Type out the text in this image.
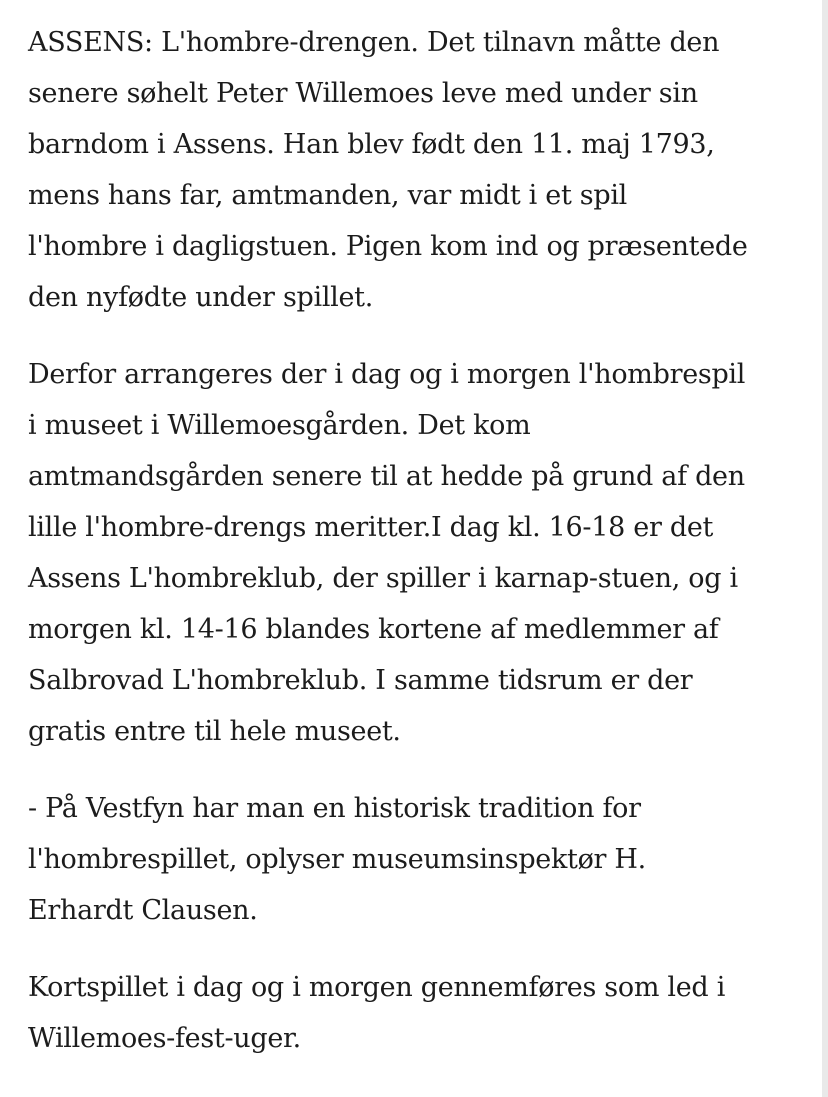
ASSENS: L'hombre-drengen. Det tilnavn måtte den
senere søhelt Peter Willemoes leve med under sin
barndom i Assens. Han blev født den 11. maj 1793,
mens hans far, amtmanden, var midt i et spil
l'hombre i dagligstuen. Pigen kom ind og præsentede
den nyfødte under spillet.

Derfor arrangeres der i dag og i morgen l'hombrespil
i museet i Willemoesgården. Det kom
amtmandsgården senere til at hedde på grund af den
lille l'hombre-drengs meritter.I dag kl. 16-18 er det
Assens L'hombreklub, der spiller i karnap-stuen, og i
morgen kl. 14-16 blandes kortene af medlemmer af
Salbrovad L'hombreklub. I samme tidsrum er der
gratis entre til hele museet.

- På Vestfyn har man en historisk tradition for
l'hombrespillet, oplyser museumsinspektør H.
Erhardt Clausen.

Kortspillet i dag og i morgen gennemføres som led i
Willemoes-fest-uger.
